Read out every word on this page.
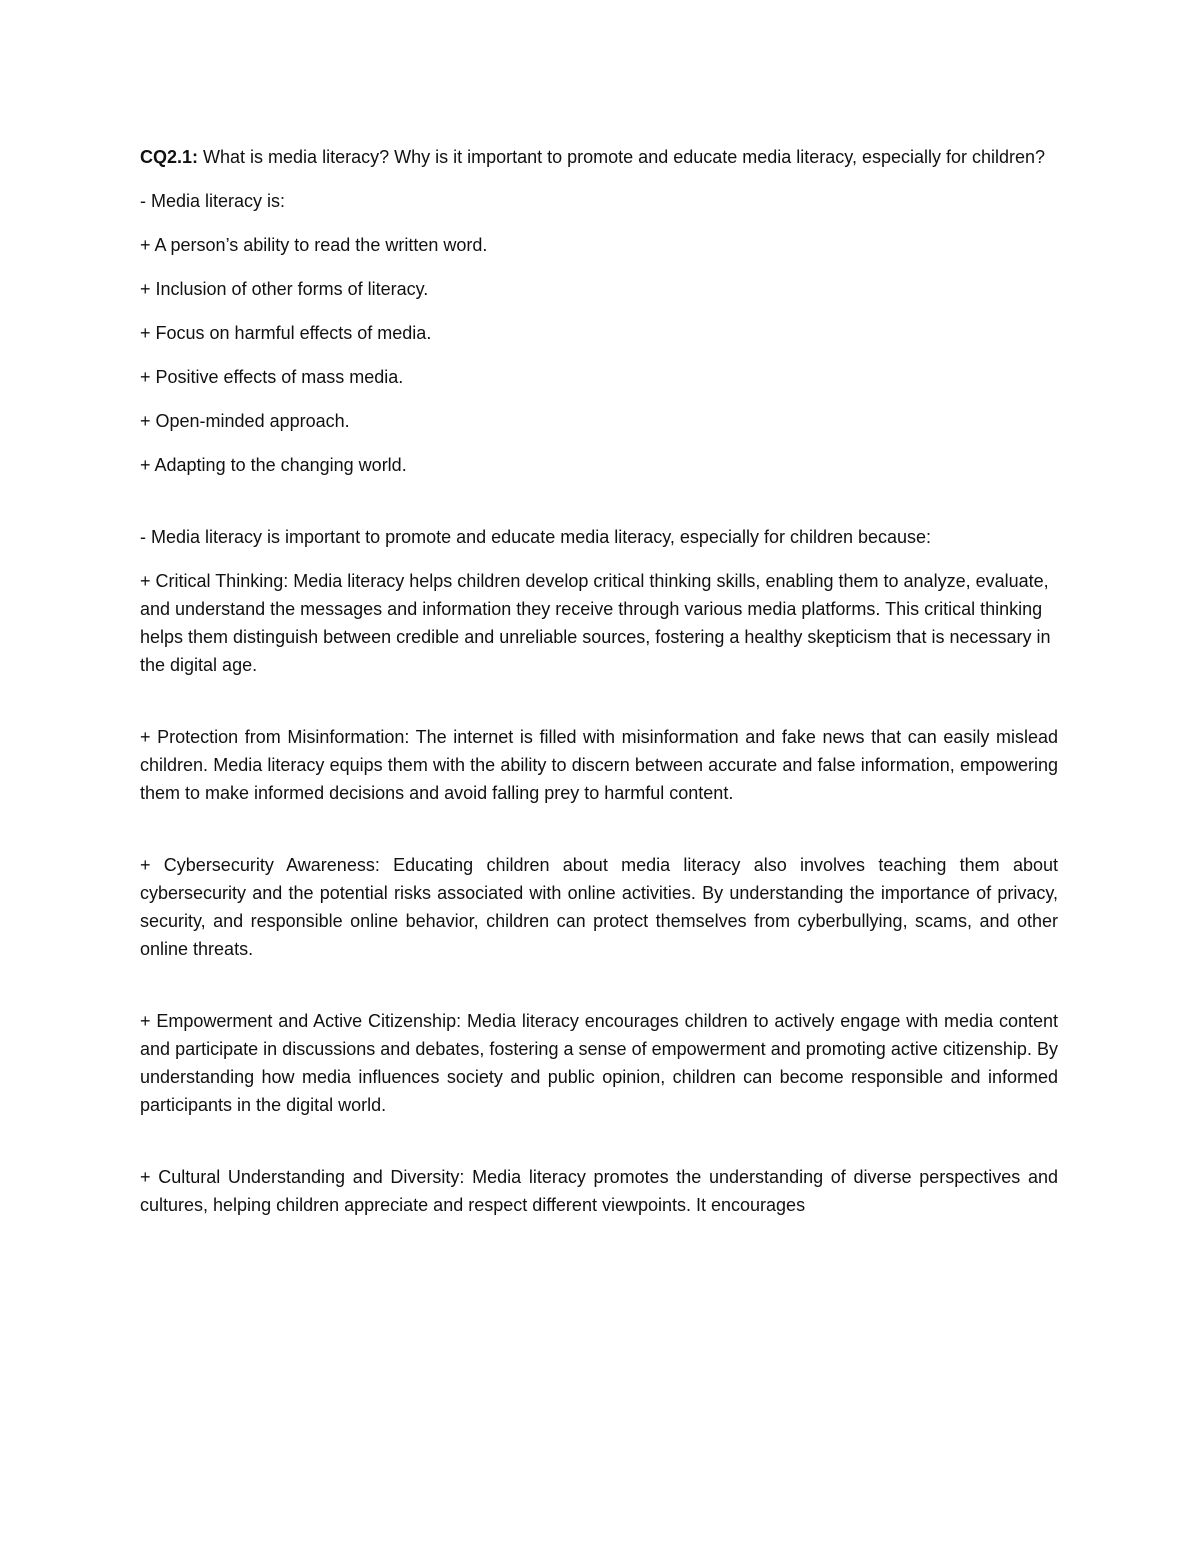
CQ2.1: What is media literacy? Why is it important to promote and educate media literacy, especially for children?

- Media literacy is:

+ A person’s ability to read the written word.

+ Inclusion of other forms of literacy.

+ Focus on harmful effects of media.

+ Positive effects of mass media.

+ Open-minded approach.

+ Adapting to the changing world.

- Media literacy is important to promote and educate media literacy, especially for children because:

+ Critical Thinking: Media literacy helps children develop critical thinking skills, enabling them to analyze, evaluate, and understand the messages and information they receive through various media platforms. This critical thinking helps them distinguish between credible and unreliable sources, fostering a healthy skepticism that is necessary in the digital age.

+ Protection from Misinformation: The internet is filled with misinformation and fake news that can easily mislead children. Media literacy equips them with the ability to discern between accurate and false information, empowering them to make informed decisions and avoid falling prey to harmful content.

+ Cybersecurity Awareness: Educating children about media literacy also involves teaching them about cybersecurity and the potential risks associated with online activities. By understanding the importance of privacy, security, and responsible online behavior, children can protect themselves from cyberbullying, scams, and other online threats.

+ Empowerment and Active Citizenship: Media literacy encourages children to actively engage with media content and participate in discussions and debates, fostering a sense of empowerment and promoting active citizenship. By understanding how media influences society and public opinion, children can become responsible and informed participants in the digital world.

+ Cultural Understanding and Diversity: Media literacy promotes the understanding of diverse perspectives and cultures, helping children appreciate and respect different viewpoints. It encourages
